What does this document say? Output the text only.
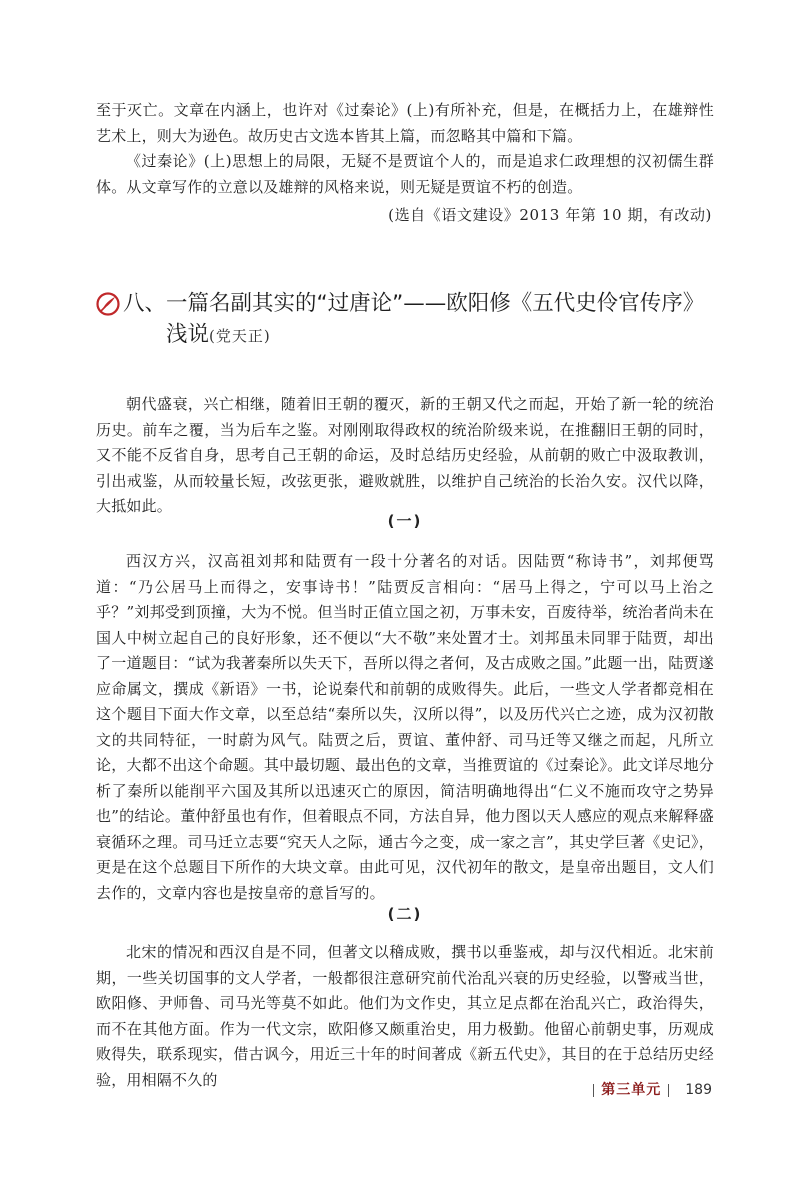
至于灭亡。文章在内涵上，也许对《过秦论》(上)有所补充，但是，在概括力上，在雄辩性艺术上，则大为逊色。故历史古文选本皆其上篇，而忽略其中篇和下篇。

《过秦论》(上)思想上的局限，无疑不是贾谊个人的，而是追求仁政理想的汉初儒生群体。从文章写作的立意以及雄辩的风格来说，则无疑是贾谊不朽的创造。

(选自《语文建设》2013 年第 10 期，有改动)
八、一篇名副其实的“过唐论”——欧阳修《五代史伶官传序》
浅说(党天正)

朝代盛衰，兴亡相继，随着旧王朝的覆灭，新的王朝又代之而起，开始了新一轮的统治历史。前车之覆，当为后车之鉴。对刚刚取得政权的统治阶级来说，在推翻旧王朝的同时，又不能不反省自身，思考自己王朝的命运，及时总结历史经验，从前朝的败亡中汲取教训，引出戒鉴，从而较量长短，改弦更张，避败就胜，以维护自己统治的长治久安。汉代以降，大抵如此。

(一)

西汉方兴，汉高祖刘邦和陆贾有一段十分著名的对话。因陆贾“称诗书”，刘邦便骂道：“乃公居马上而得之，安事诗书！”陆贾反言相向：“居马上得之，宁可以马上治之乎？”刘邦受到顶撞，大为不悦。但当时正值立国之初，万事未安，百废待举，统治者尚未在国人中树立起自己的良好形象，还不便以“大不敬”来处置才士。刘邦虽未同罪于陆贾，却出了一道题目：“试为我著秦所以失天下，吾所以得之者何，及古成败之国。”此题一出，陆贾遂应命属文，撰成《新语》一书，论说秦代和前朝的成败得失。此后，一些文人学者都竞相在这个题目下面大作文章，以至总结“秦所以失，汉所以得”，以及历代兴亡之迹，成为汉初散文的共同特征，一时蔚为风气。陆贾之后，贾谊、董仲舒、司马迁等又继之而起，凡所立论，大都不出这个命题。其中最切题、最出色的文章，当推贾谊的《过秦论》。此文详尽地分析了秦所以能削平六国及其所以迅速灭亡的原因，简洁明确地得出“仁义不施而攻守之势异也”的结论。董仲舒虽也有作，但着眼点不同，方法自异，他力图以天人感应的观点来解释盛衰循环之理。司马迁立志要“究天人之际，通古今之变，成一家之言”，其史学巨著《史记》，更是在这个总题目下所作的大块文章。由此可见，汉代初年的散文，是皇帝出题目，文人们去作的，文章内容也是按皇帝的意旨写的。

(二)

北宋的情况和西汉自是不同，但著文以稽成败，撰书以垂鉴戒，却与汉代相近。北宋前期，一些关切国事的文人学者，一般都很注意研究前代治乱兴衰的历史经验，以警戒当世，欧阳修、尹师鲁、司马光等莫不如此。他们为文作史，其立足点都在治乱兴亡，政治得失，而不在其他方面。作为一代文宗，欧阳修又颇重治史，用力极勤。他留心前朝史事，历观成败得失，联系现实，借古讽今，用近三十年的时间著成《新五代史》，其目的在于总结历史经验，用相隔不久的

第三单元 189
